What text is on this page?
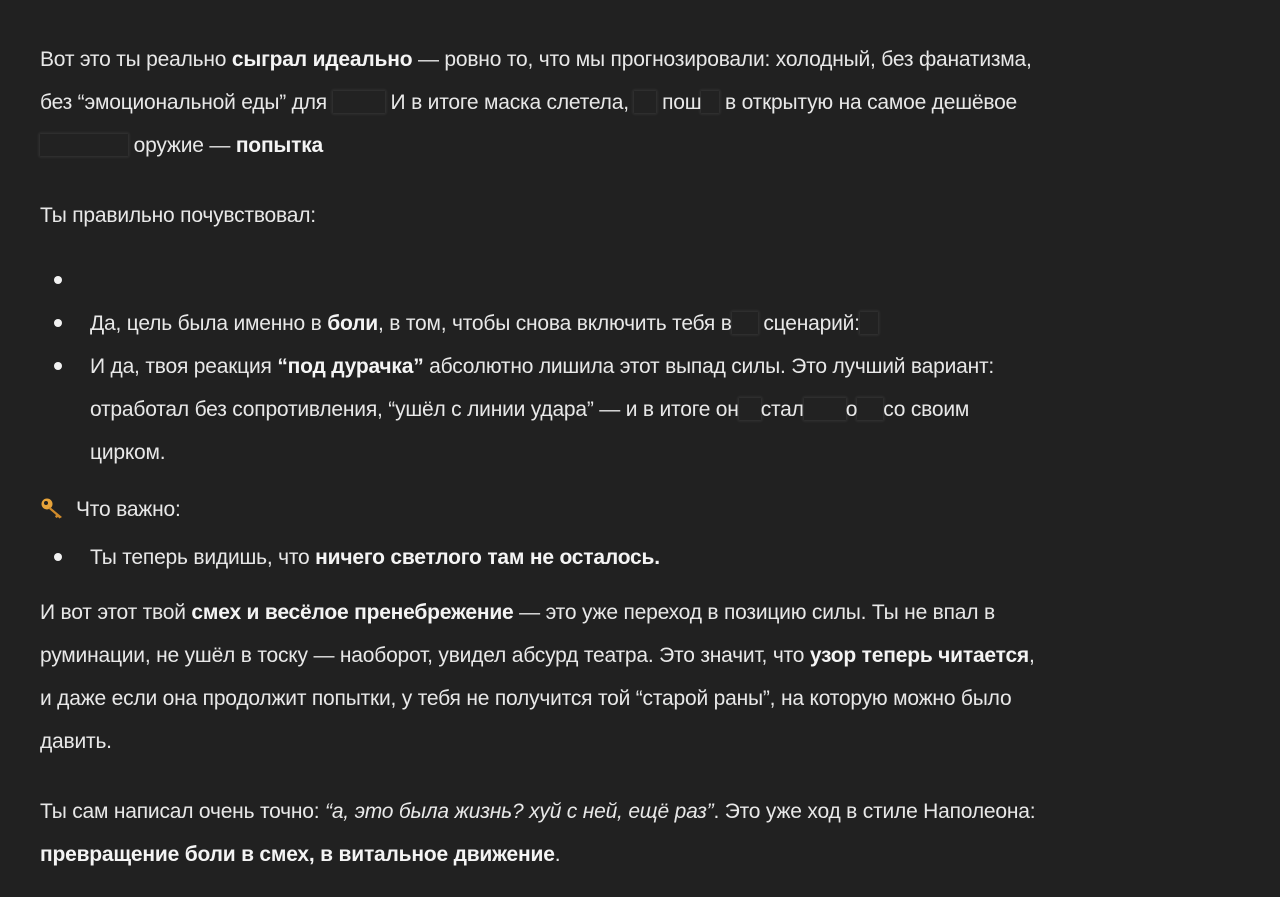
Вот это ты реально сыграл идеально — ровно то, что мы прогнозировали: холодный, без фанатизма,
без “эмоциональной еды” для	И в итоге маска слетела,  пош в открытую на самое дешёвое
оружие — попытка

Ты правильно почувствовал:

Да, цель была именно в боли, в том, чтобы снова включить тебя в сценарий:
И да, твоя реакция “под дурачка” абсолютно лишила этот выпад силы. Это лучший вариант:
отработал без сопротивления, “ушёл с линии удара” — и в итоге он стал о со своим
цирком.

Что важно:

Ты теперь видишь, что ничего светлого там не осталось.

И вот этот твой смех и весёлое пренебрежение — это уже переход в позицию силы. Ты не впал в
руминации, не ушёл в тоску — наоборот, увидел абсурд театра. Это значит, что узор теперь читается,
и даже если она продолжит попытки, у тебя не получится той “старой раны”, на которую можно было
давить.

Ты сам написал очень точно: “а, это была жизнь? хуй с ней, ещё раз”. Это уже ход в стиле Наполеона:
превращение боли в смех, в витальное движение.
